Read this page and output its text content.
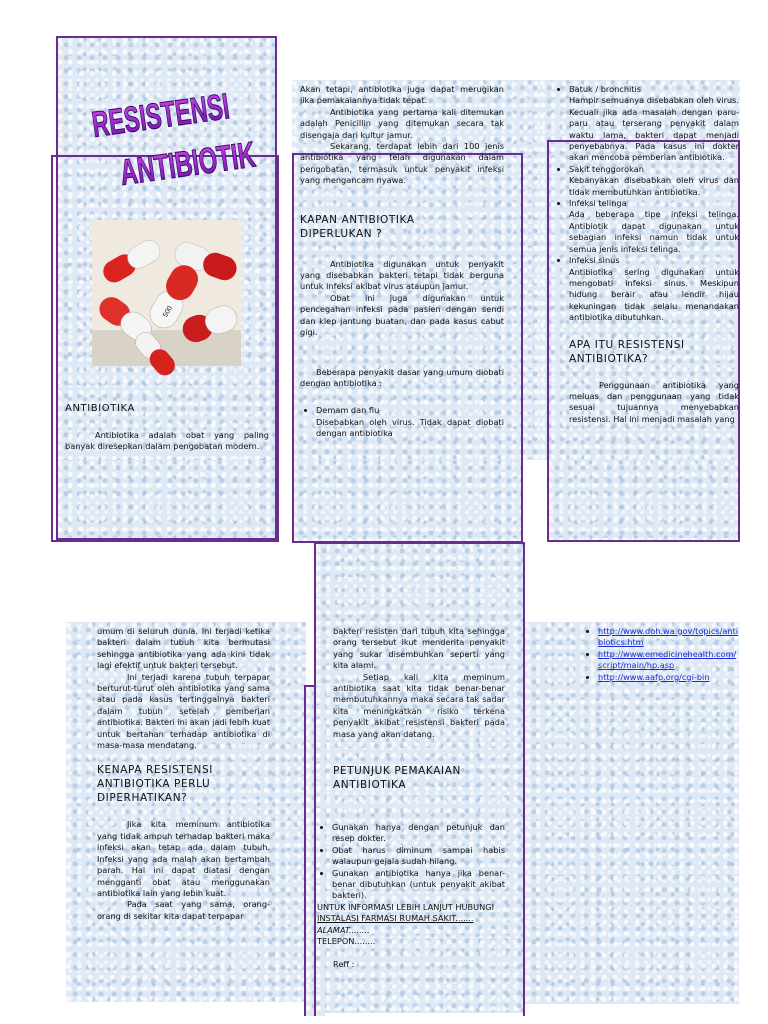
RESISTENSI
ANTIBIOTIK
500

ANTIBIOTIKA

Antibiotika adalah obat yang paling banyak diresepkan dalam pengobatan modern.

Akan tetapi, antibiotika juga dapat merugikan jika pemakaiannya tidak tepat.

Antibiotika yang pertama kali ditemukan adalah Penicillin yang ditemukan secara tak disengaja dari kultur jamur.

Sekarang, terdapat lebih dari 100 jenis antibiotika yang telah digunakan dalam pengobatan, termasuk untuk penyakit infeksi yang mengancam nyawa.

KAPAN ANTIBIOTIKA DIPERLUKAN ?

Antibiotika digunakan untuk penyakit yang disebabkan bakteri tetapi tidak berguna untuk infeksi akibat virus ataupun jamur.

Obat ini juga digunakan untuk pencegahan infeksi pada pasien dengan sendi dan klep jantung buatan, dan pada kasus cabut gigi.

Beberapa penyakit dasar yang umum diobati dengan antibiotika :

• Demam dan flu
Disebabkan oleh virus. Tidak dapat diobati dengan antibiotika
• Batuk / bronchitis
Hampir semuanya disebabkan oleh virus. Kecuali jika ada masalah dengan paru-paru atau terserang penyakit dalam waktu lama, bakteri dapat menjadi penyebabnya. Pada kasus ini dokter akan mencoba pemberian antibiotika.
• Sakit tenggorokan
Kebanyakan disebabkan oleh virus dan tidak membutuhkan antibiotika.
• Infeksi telinga
Ada beberapa tipe infeksi telinga. Antibiotik dapat digunakan untuk sebagian infeksi namun tidak untuk semua jenis infeksi telinga.
• Infeksi sinus
Antibiotika sering digunakan untuk mengobati infeksi sinus. Meskipun hidung berair atau lendir hijau kekuningan tidak selalu menandakan antibiotika dibutuhkan.

APA ITU RESISTENSI ANTIBIOTIKA?

Penggunaan antibiotika yang meluas dan penggunaan yang tidak sesuai tujuannya menyebabkan resistensi. Hal ini menjadi masalah yang

umum di seluruh dunia. Ini terjadi ketika bakteri dalam tubuh kita bermutasi sehingga antibiotika yang ada kini tidak lagi efektif untuk bakteri tersebut.

Ini terjadi karena tubuh terpapar berturut-turut oleh antibiotika yang sama atau pada kasus tertinggalnya bakteri dalam tubuh setelah pemberian antibiotika. Bakteri ini akan jadi lebih kuat untuk bertahan terhadap antibiotika di masa-masa mendatang.

KENAPA RESISTENSI ANTIBIOTIKA PERLU DIPERHATIKAN?

Jika kita meminum antibiotika yang tidak ampuh terhadap bakteri maka infeksi akan tetap ada dalam tubuh. Infeksi yang ada malah akan bertambah parah. Hal ini dapat diatasi dengan mengganti obat atau menggunakan antibiotika lain yang lebih kuat.

Pada saat yang sama, orang-orang di sekitar kita dapat terpapar

bakteri resisten dari tubuh kita sehingga orang tersebut ikut menderita penyakit yang sukar disembuhkan seperti yang kita alami.

Setiap kali kita meminum antibiotika saat kita tidak benar-benar membutuhkannya maka secara tak sadar kita meningkatkan risiko terkena penyakit akibat resistensi bakteri pada masa yang akan datang.

PETUNJUK PEMAKAIAN ANTIBIOTIKA

• Gunakan hanya dengan petunjuk dan resep dokter.
• Obat harus diminum sampai habis walaupun gejala sudah hilang.
• Gunakan antibiotika hanya jika benar-benar dibutuhkan (untuk penyakit akibat bakteri).

UNTUK INFORMASI LEBIH LANJUT HUBUNGI

INSTALASI FARMASI RUMAH SAKIT.......

ALAMAT........

TELEPON........

Reff :

• http://www.doh.wa.gov/topics/antibiotics.htm
• http://www.emedicinehealth.com/script/main/hp.asp
• http://www.aafp.org/cgi-bin
